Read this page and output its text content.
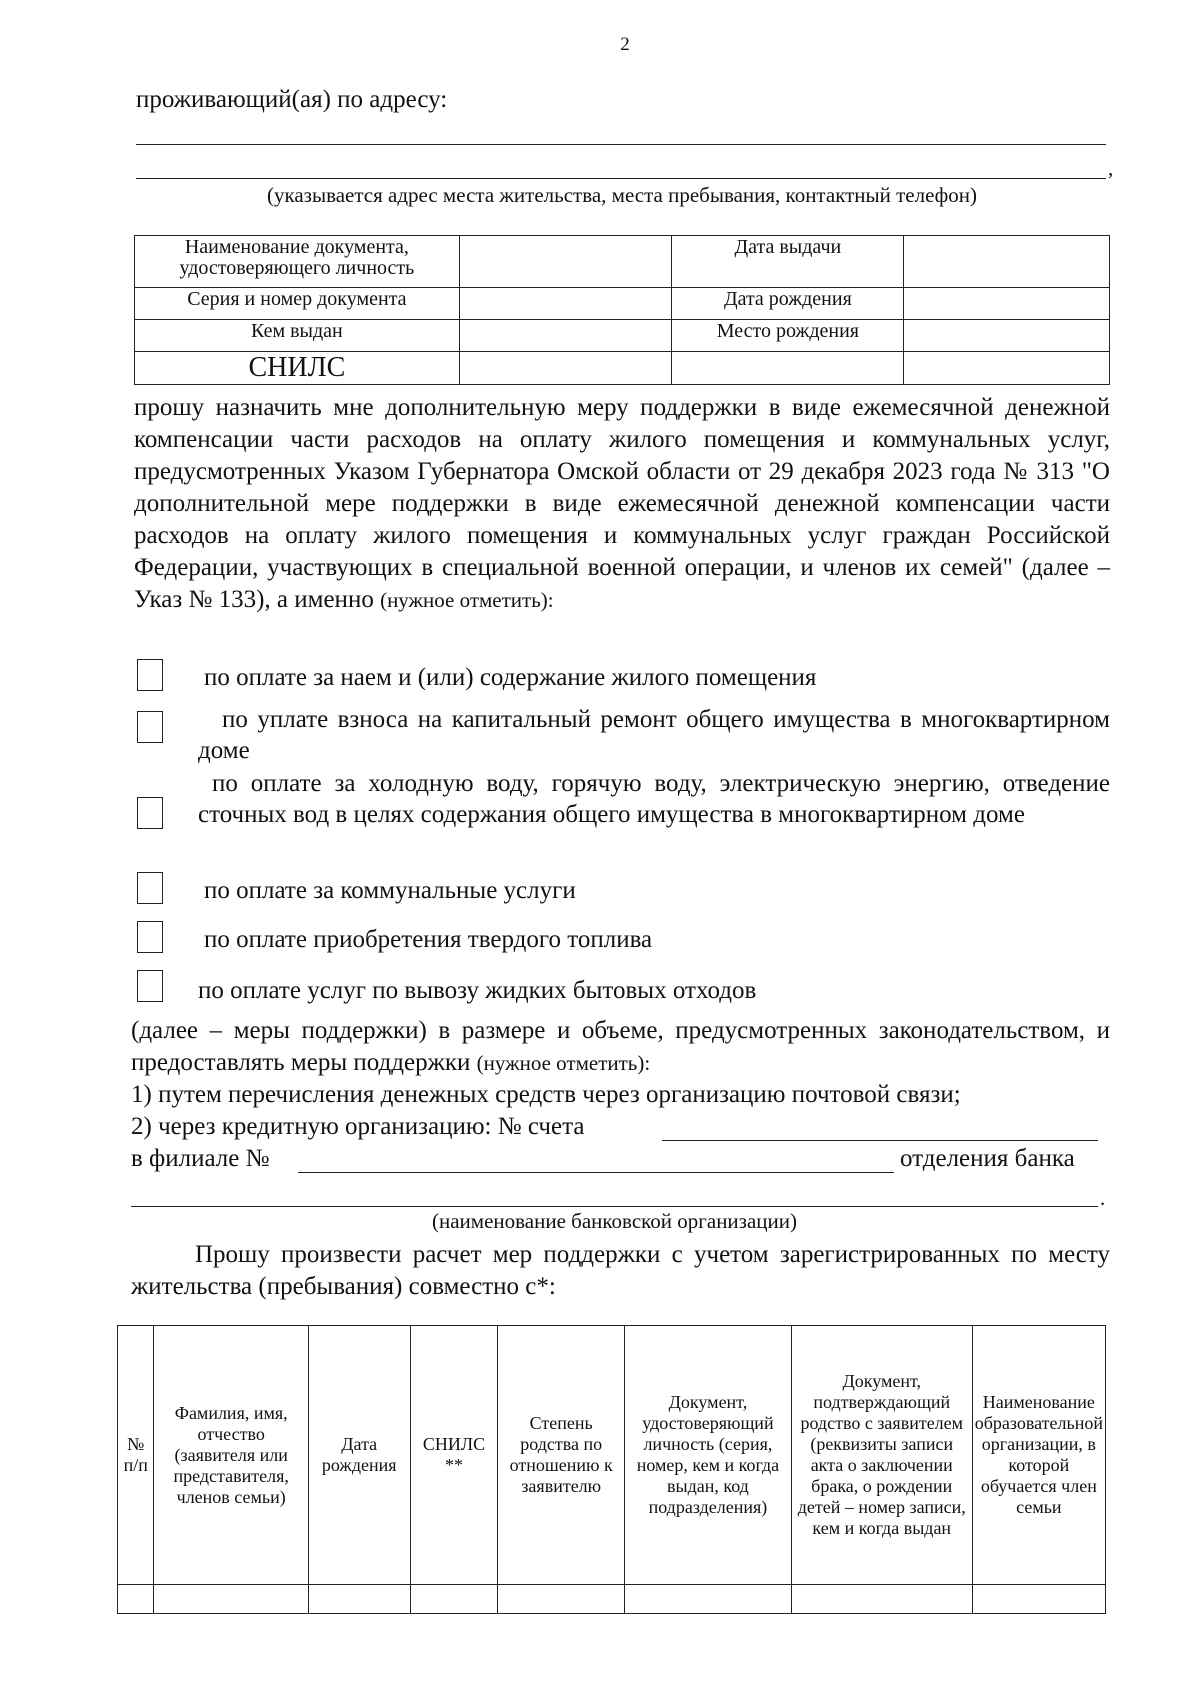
2
проживающий(ая) по адресу:
,
(указывается адрес места жительства, места пребывания, контактный телефон)
Наименование документа, удостоверяющего личность		Дата выдачи	
Серия и номер документа		Дата рождения	
Кем выдан		Место рождения	
СНИЛС			
прошу назначить мне дополнительную меру поддержки в виде ежемесячной денежной компенсации части расходов на оплату жилого помещения и коммунальных услуг, предусмотренных Указом Губернатора Омской области от 29 декабря 2023 года № 313 "О дополнительной мере поддержки в виде ежемесячной денежной компенсации части расходов на оплату жилого помещения и коммунальных услуг граждан Российской Федерации, участвующих в специальной военной операции, и членов их семей" (далее – Указ № 133), а именно (нужное отметить):
по оплате за наем и (или) содержание жилого помещения
по уплате взноса на капитальный ремонт общего имущества в многоквартирном доме
по оплате за холодную воду, горячую воду, электрическую энергию, отведение сточных вод в целях содержания общего имущества в многоквартирном доме
по оплате за коммунальные услуги
по оплате приобретения твердого топлива
по оплате услуг по вывозу жидких бытовых отходов
(далее – меры поддержки) в размере и объеме, предусмотренных законодательством, и предоставлять меры поддержки (нужное отметить):
1) путем перечисления денежных средств через организацию почтовой связи;
2) через кредитную организацию: № счета
в филиале №	отделения банка
.
(наименование банковской организации)
Прошу произвести расчет мер поддержки с учетом зарегистрированных по месту жительства (пребывания) совместно с*:
№ п/п	Фамилия, имя, отчество (заявителя или представителя, членов семьи)	Дата рождения	СНИЛС **	Степень родства по отношению к заявителю	Документ, удостоверяющий личность (серия, номер, кем и когда выдан, код подразделения)	Документ, подтверждающий родство с заявителем (реквизиты записи акта о заключении брака, о рождении детей – номер записи, кем и когда выдан	Наименование образовательной организации, в которой обучается член семьи
